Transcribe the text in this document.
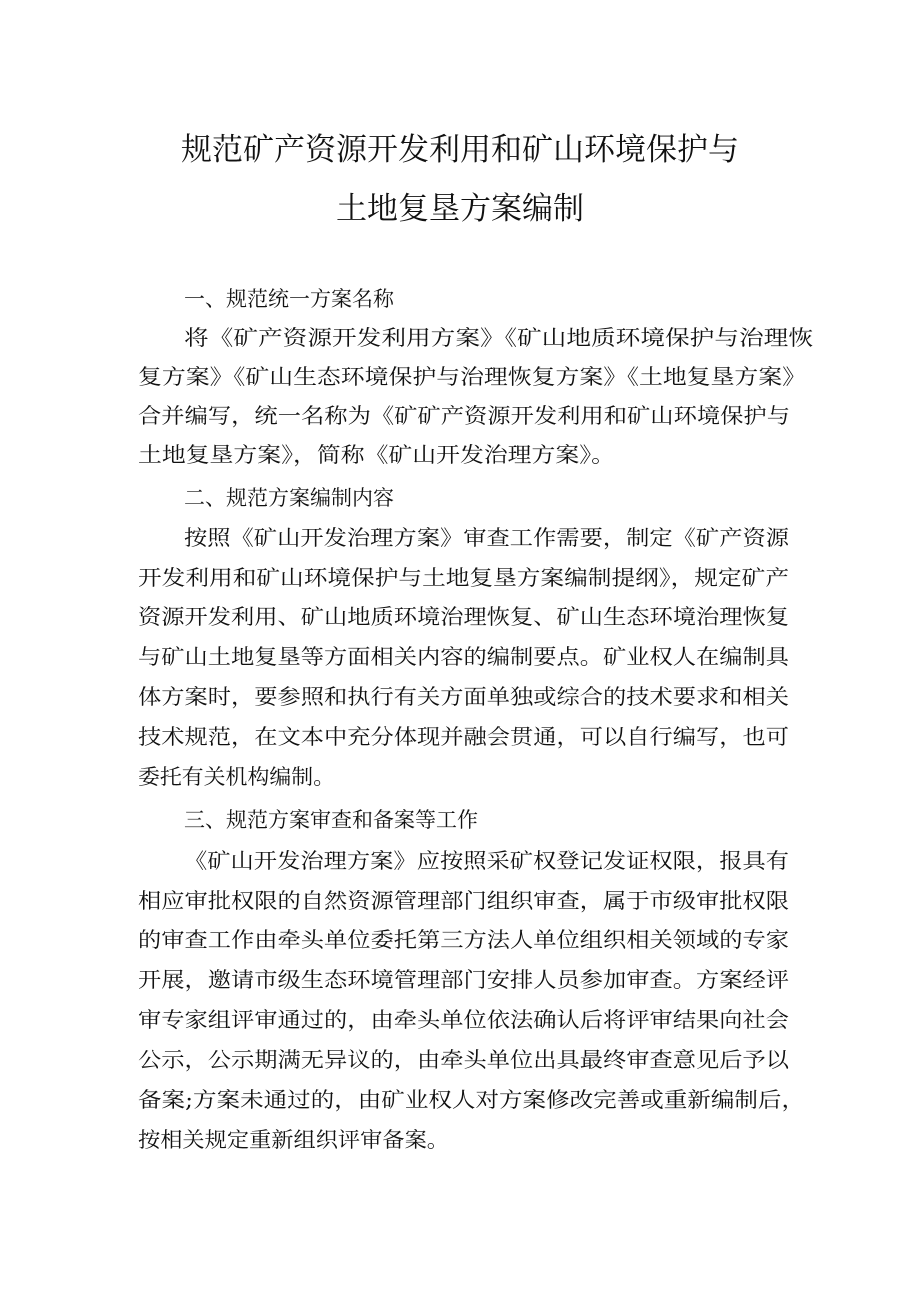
规范矿产资源开发利用和矿山环境保护与
土地复垦方案编制
一、规范统一方案名称
将《矿产资源开发利用方案》《矿山地质环境保护与治理恢
复方案》《矿山生态环境保护与治理恢复方案》《土地复垦方案》
合并编写，统一名称为《矿矿产资源开发利用和矿山环境保护与
土地复垦方案》，简称《矿山开发治理方案》。
二、规范方案编制内容
按照《矿山开发治理方案》审查工作需要，制定《矿产资源
开发利用和矿山环境保护与土地复垦方案编制提纲》，规定矿产
资源开发利用、矿山地质环境治理恢复、矿山生态环境治理恢复
与矿山土地复垦等方面相关内容的编制要点。矿业权人在编制具
体方案时，要参照和执行有关方面单独或综合的技术要求和相关
技术规范，在文本中充分体现并融会贯通，可以自行编写，也可
委托有关机构编制。
三、规范方案审查和备案等工作
《矿山开发治理方案》应按照采矿权登记发证权限，报具有
相应审批权限的自然资源管理部门组织审查，属于市级审批权限
的审查工作由牵头单位委托第三方法人单位组织相关领域的专家
开展，邀请市级生态环境管理部门安排人员参加审查。方案经评
审专家组评审通过的，由牵头单位依法确认后将评审结果向社会
公示，公示期满无异议的，由牵头单位出具最终审查意见后予以
备案;方案未通过的，由矿业权人对方案修改完善或重新编制后，
按相关规定重新组织评审备案。
